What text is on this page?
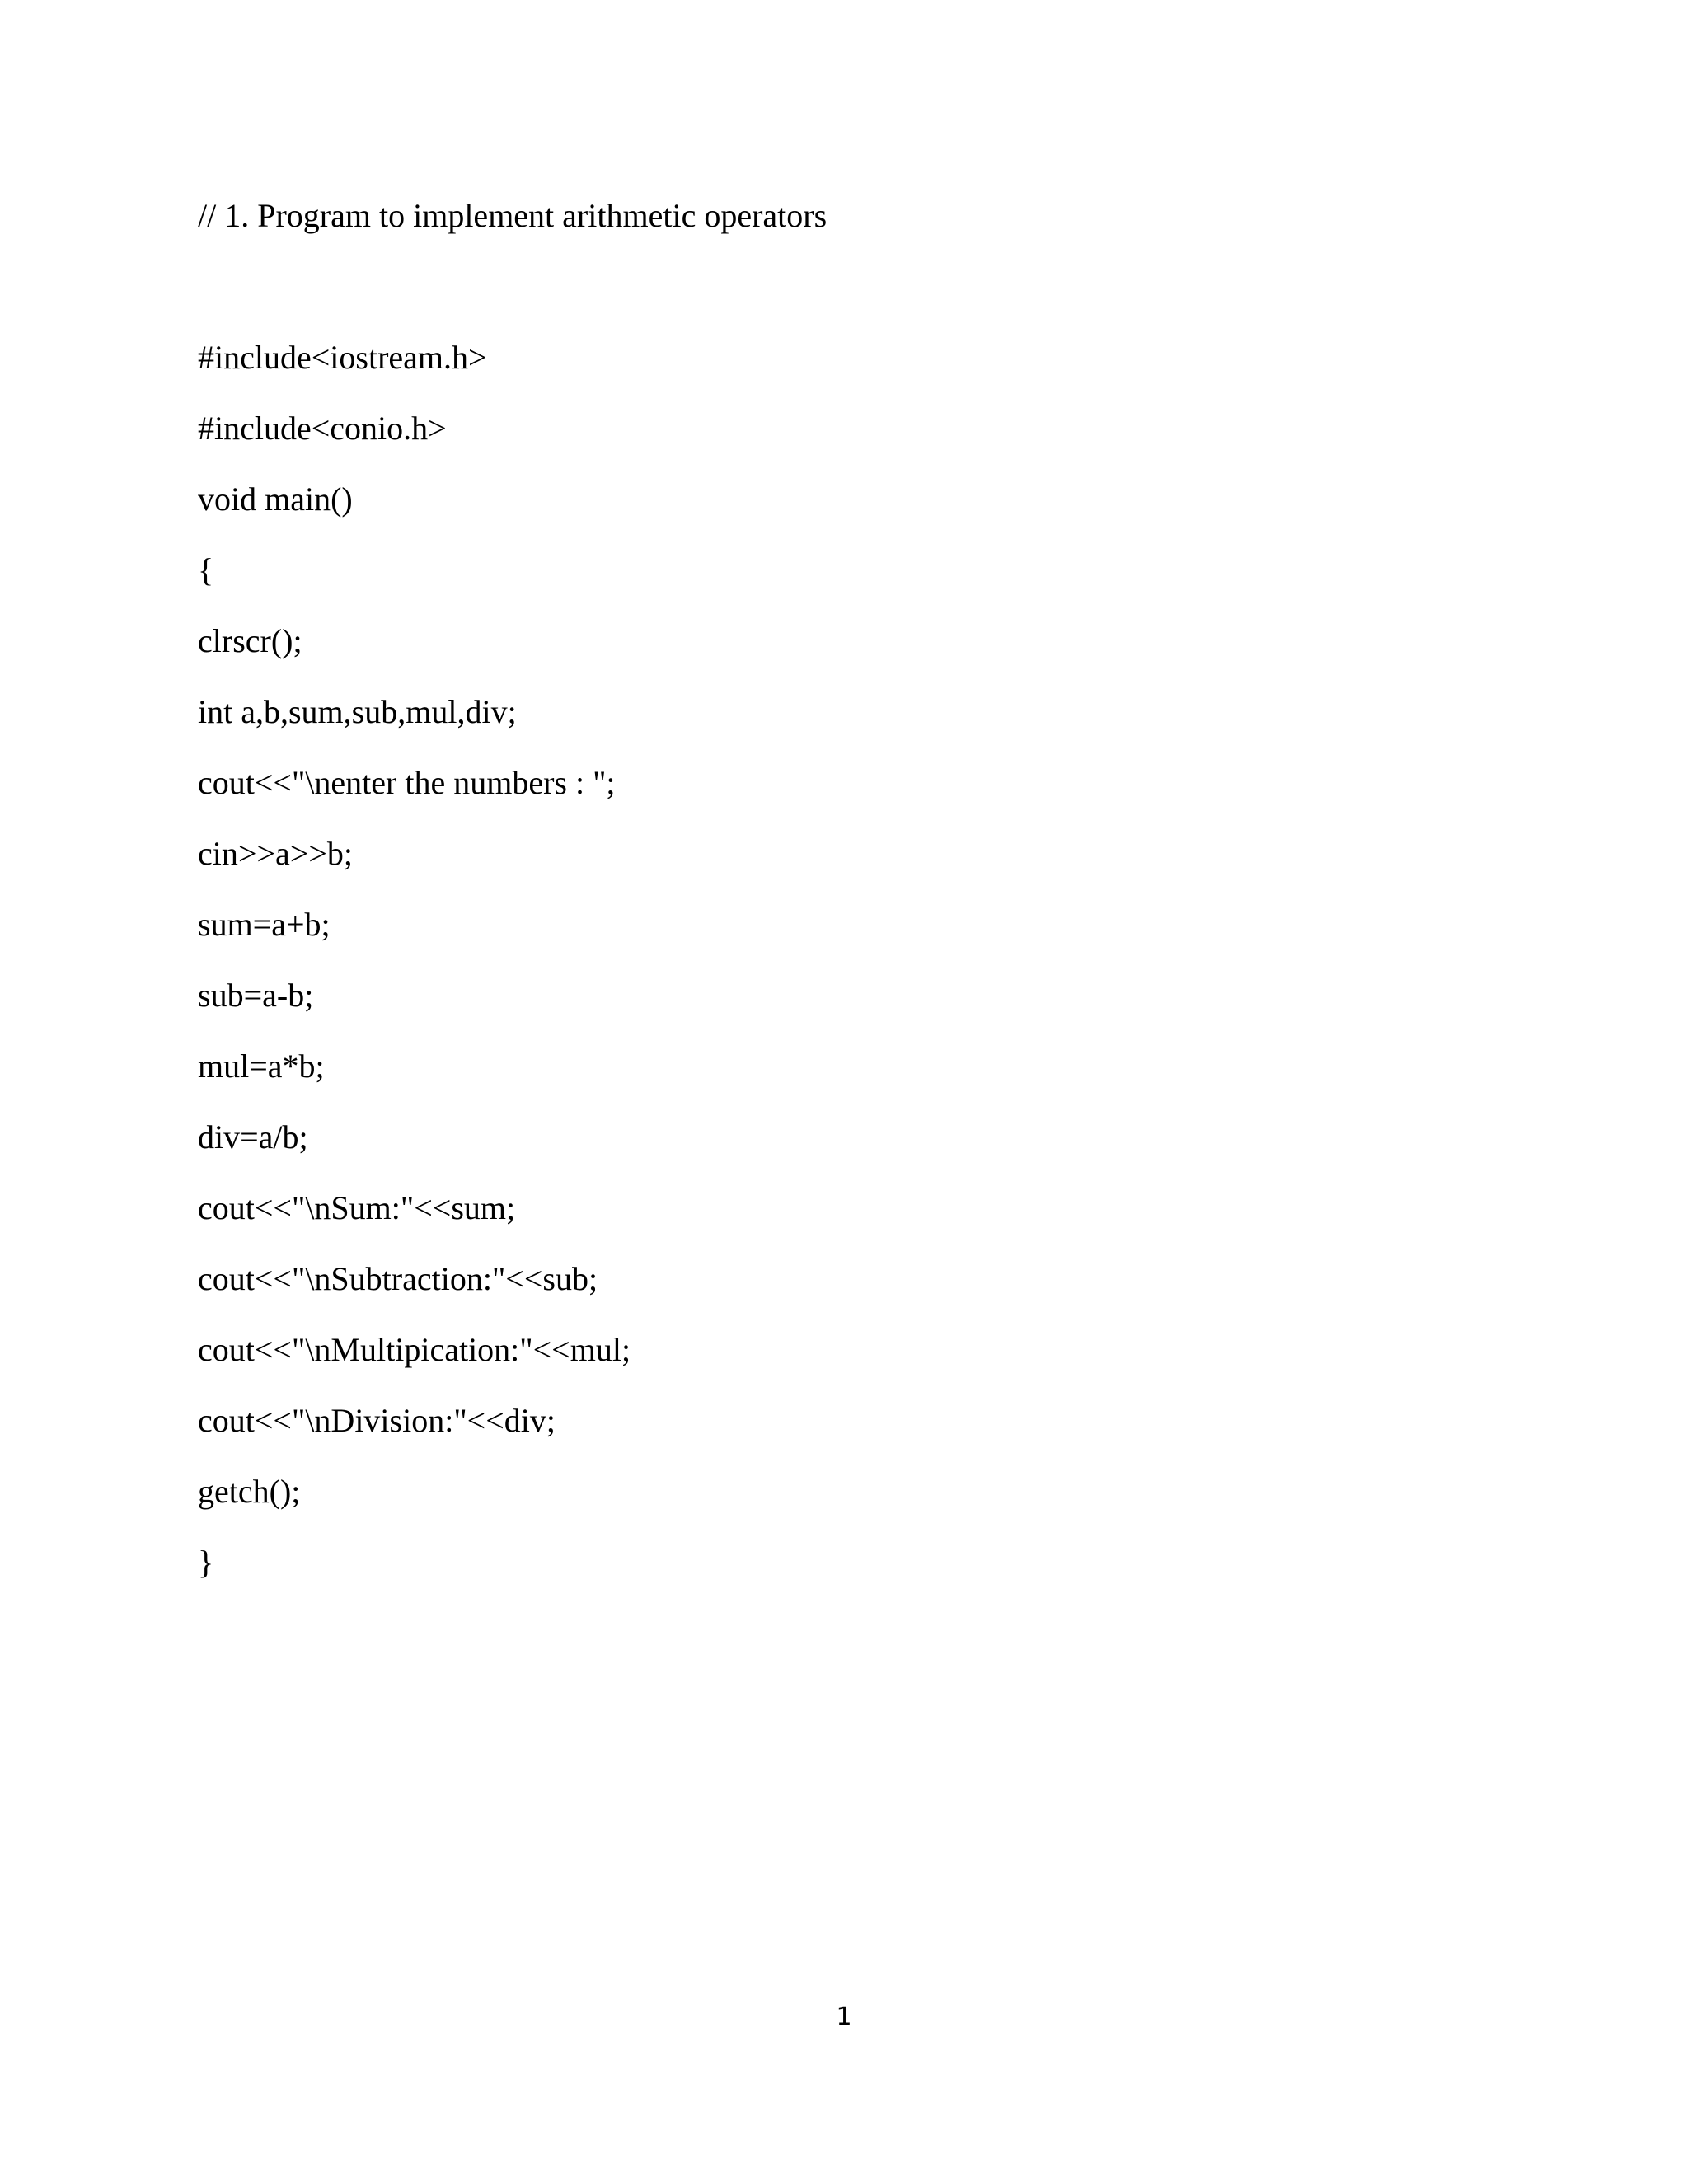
// 1. Program to implement arithmetic operators

#include<iostream.h>

#include<conio.h>

void main()

{

clrscr();

int a,b,sum,sub,mul,div;

cout<<"\nenter the numbers : ";

cin>>a>>b;

sum=a+b;

sub=a-b;

mul=a*b;

div=a/b;

cout<<"\nSum:"<<sum;

cout<<"\nSubtraction:"<<sub;

cout<<"\nMultipication:"<<mul;

cout<<"\nDivision:"<<div;

getch();

}

1
